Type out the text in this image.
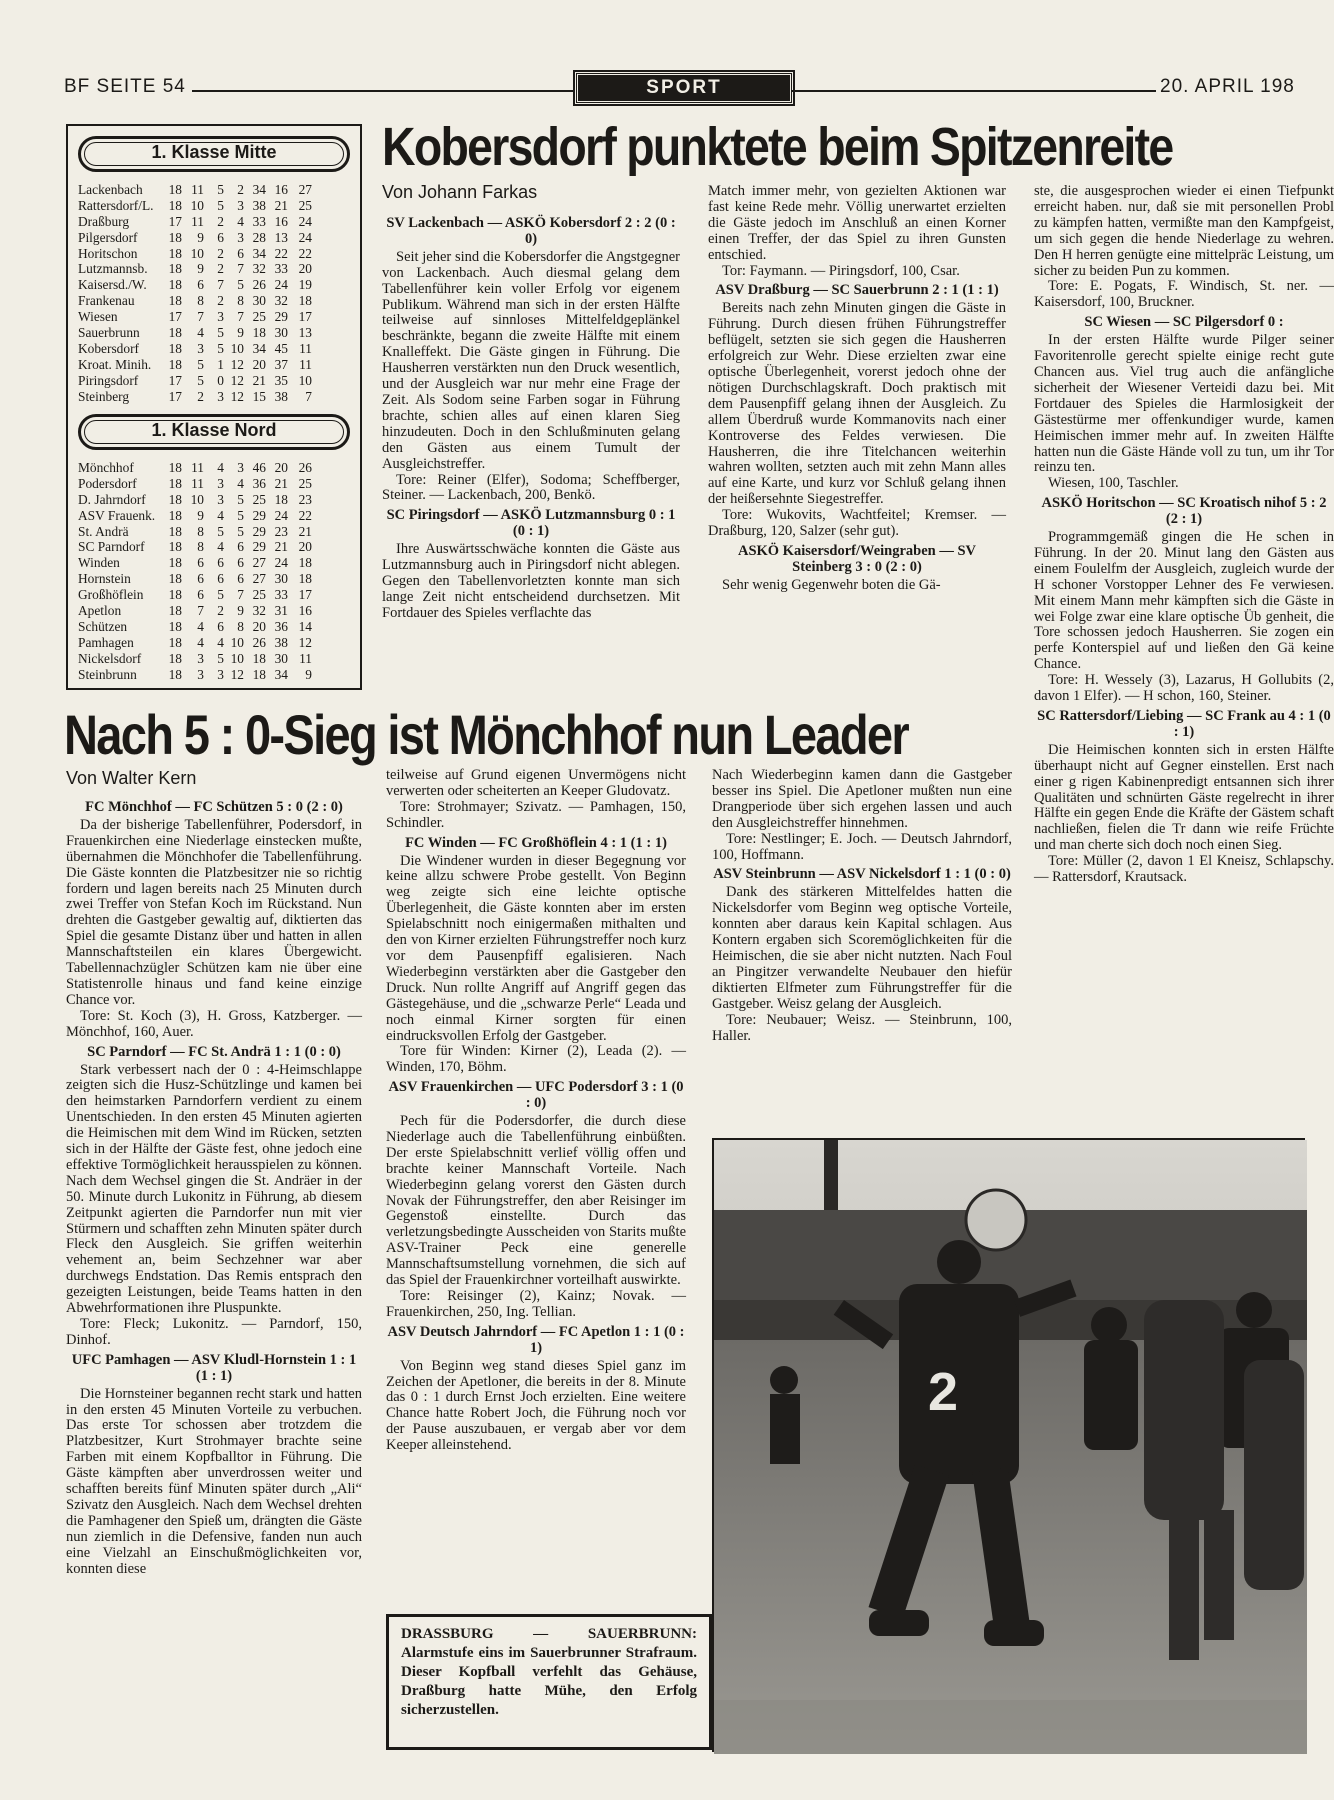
BF SEITE 54	SPORT	20. APRIL 198
1. Klasse Mitte
Lackenbach	18 11 5 2 34 16 27
Rattersdorf/L.	18 10 5 3 38 21 25
Draßburg	17 11 2 4 33 16 24
Pilgersdorf	18	9 6 3 28 13 24
Horitschon	18 10 2 6 34 22 22
Lutzmannsb.	18	9 2 7 32 33 20
Kaisersd./W.	18	6 7 5 26 24 19
Frankenau	18	8 2 8 30 32 18
Wiesen	17	7 3 7 25 29 17
Sauerbrunn	18	4 5 9 18 30 13
Kobersdorf	18	3 5 10 34 45 11
Kroat. Minih.	18	5 1 12 20 37 11
Piringsdorf	17	5 0 12 21 35 10
Steinberg	17	2 3 12 15 38	7
1. Klasse Nord
Mönchhof	18 11 4 3 46 20 26
Podersdorf	18 11 3 4 36 21 25
D. Jahrndorf	18 10 3 5 25 18 23
ASV Frauenk.	18	9 4 5 29 24 22
St. Andrä	18	8 5 5 29 23 21
SC Parndorf	18	8 4 6 29 21 20
Winden	18	6 6 6 27 24 18
Hornstein	18	6 6 6 27 30 18
Großhöflein	18	6 5 7 25 33 17
Apetlon	18	7 2 9 32 31 16
Schützen	18	4 6 8 20 36 14
Pamhagen	18	4 4 10 26 38 12
Nickelsdorf	18	3 5 10 18 30 11
Steinbrunn	18	3 3 12 18 34	9
Kobersdorf punktete beim Spitzenreite
Von Johann Farkas

SV Lackenbach — ASKÖ Kobersdorf 2 : 2 (0 : 0)

Seit jeher sind die Kobersdorfer die Angstgegner von Lackenbach. Auch diesmal gelang dem Tabellenführer kein voller Erfolg vor eigenem Publikum. Während man sich in der ersten Hälfte teilweise auf sinnloses Mittelfeldgeplänkel beschränkte, begann die zweite Hälfte mit einem Knalleffekt. Die Gäste gingen in Führung. Die Hausherren verstärkten nun den Druck wesentlich, und der Ausgleich war nur mehr eine Frage der Zeit. Als Sodom seine Farben sogar in Führung brachte, schien alles auf einen klaren Sieg hinzudeuten. Doch in den Schlußminuten gelang den Gästen aus einem Tumult der Ausgleichstreffer.

Tore: Reiner (Elfer), Sodoma; Scheffberger, Steiner. — Lackenbach, 200, Benkö.

SC Piringsdorf — ASKÖ Lutzmannsburg 0 : 1 (0 : 1)

Ihre Auswärtsschwäche konnten die Gäste aus Lutzmannsburg auch in Piringsdorf nicht ablegen. Gegen den Tabellenvorletzten konnte man sich lange Zeit nicht entscheidend durchsetzen. Mit Fortdauer des Spieles verflachte das

Match immer mehr, von gezielten Aktionen war fast keine Rede mehr. Völlig unerwartet erzielten die Gäste jedoch im Anschluß an einen Korner einen Treffer, der das Spiel zu ihren Gunsten entschied.

Tor: Faymann. — Piringsdorf, 100, Csar.

ASV Draßburg — SC Sauerbrunn 2 : 1 (1 : 1)

Bereits nach zehn Minuten gingen die Gäste in Führung. Durch diesen frühen Führungstreffer beflügelt, setzten sie sich gegen die Hausherren erfolgreich zur Wehr. Diese erzielten zwar eine optische Überlegenheit, vorerst jedoch ohne der nötigen Durchschlagskraft. Doch praktisch mit dem Pausenpfiff gelang ihnen der Ausgleich. Zu allem Überdruß wurde Kommanovits nach einer Kontroverse des Feldes verwiesen. Die Hausherren, die ihre Titelchancen weiterhin wahren wollten, setzten auch mit zehn Mann alles auf eine Karte, und kurz vor Schluß gelang ihnen der heißersehnte Siegestreffer.

Tore: Wukovits, Wachtfeitel; Kremser. — Draßburg, 120, Salzer (sehr gut).

ASKÖ Kaisersdorf/Weingraben — SV Steinberg 3 : 0 (2 : 0)

Sehr wenig Gegenwehr boten die Gä-

ste, die ausgesprochen wieder ei einen Tiefpunkt erreicht haben. nur, daß sie mit personellen Probl zu kämpfen hatten, vermißte man den Kampfgeist, um sich gegen die hende Niederlage zu wehren. Den H herren genügte eine mittelpräc Leistung, um sicher zu beiden Pun zu kommen.

Tore: E. Pogats, F. Windisch, St. ner. — Kaisersdorf, 100, Bruckner.

SC Wiesen — SC Pilgersdorf 0 :

In der ersten Hälfte wurde Pilger seiner Favoritenrolle gerecht spielte einige recht gute Chancen aus. Viel trug auch die anfängliche sicherheit der Wiesener Verteidi dazu bei. Mit Fortdauer des Spieles die Harmlosigkeit der Gästestürme mer offenkundiger wurde, kamen Heimischen immer mehr auf. In zweiten Hälfte hatten nun die Gäste Hände voll zu tun, um ihr Tor reinzu ten.

Wiesen, 100, Taschler.

ASKÖ Horitschon — SC Kroatisch nihof 5 : 2 (2 : 1)

Programmgemäß gingen die He schen in Führung. In der 20. Minut lang den Gästen aus einem Foulelfm der Ausgleich, zugleich wurde der H schoner Vorstopper Lehner des Fe verwiesen. Mit einem Mann mehr kämpften sich die Gäste in wei Folge zwar eine klare optische Üb genheit, die Tore schossen jedoch Hausherren. Sie zogen ein perfe Konterspiel auf und ließen den Gä keine Chance.

Tore: H. Wessely (3), Lazarus, H Gollubits (2, davon 1 Elfer). — H schon, 160, Steiner.

SC Rattersdorf/Liebing — SC Frank au 4 : 1 (0 : 1)

Die Heimischen konnten sich in ersten Hälfte überhaupt nicht auf Gegner einstellen. Erst nach einer g rigen Kabinenpredigt entsannen sich ihrer Qualitäten und schnürten Gäste regelrecht in ihrer Hälfte ein gegen Ende die Kräfte der Gästem schaft nachließen, fielen die Tr dann wie reife Früchte und man cherte sich doch noch einen Sieg.

Tore: Müller (2, davon 1 El Kneisz, Schlapschy. — Rattersdorf, Krautsack.

Nach 5 : 0-Sieg ist Mönchhof nun Leader
Von Walter Kern

FC Mönchhof — FC Schützen 5 : 0 (2 : 0)

Da der bisherige Tabellenführer, Podersdorf, in Frauenkirchen eine Niederlage einstecken mußte, übernahmen die Mönchhofer die Tabellenführung. Die Gäste konnten die Platzbesitzer nie so richtig fordern und lagen bereits nach 25 Minuten durch zwei Treffer von Stefan Koch im Rückstand. Nun drehten die Gastgeber gewaltig auf, diktierten das Spiel die gesamte Distanz über und hatten in allen Mannschaftsteilen ein klares Übergewicht. Tabellennachzügler Schützen kam nie über eine Statistenrolle hinaus und fand keine einzige Chance vor.

Tore: St. Koch (3), H. Gross, Katzberger. — Mönchhof, 160, Auer.

SC Parndorf — FC St. Andrä 1 : 1 (0 : 0)

Stark verbessert nach der 0 : 4-Heimschlappe zeigten sich die Husz-Schützlinge und kamen bei den heimstarken Parndorfern verdient zu einem Unentschieden. In den ersten 45 Minuten agierten die Heimischen mit dem Wind im Rücken, setzten sich in der Hälfte der Gäste fest, ohne jedoch eine effektive Tormöglichkeit herausspielen zu können. Nach dem Wechsel gingen die St. Andräer in der 50. Minute durch Lukonitz in Führung, ab diesem Zeitpunkt agierten die Parndorfer nun mit vier Stürmern und schafften zehn Minuten später durch Fleck den Ausgleich. Sie griffen weiterhin vehement an, beim Sechzehner war aber durchwegs Endstation. Das Remis entsprach den gezeigten Leistungen, beide Teams hatten in den Abwehrformationen ihre Pluspunkte.

Tore: Fleck; Lukonitz. — Parndorf, 150, Dinhof.

UFC Pamhagen — ASV Kludl-Hornstein 1 : 1 (1 : 1)

Die Hornsteiner begannen recht stark und hatten in den ersten 45 Minuten Vorteile zu verbuchen. Das erste Tor schossen aber trotzdem die Platzbesitzer, Kurt Strohmayer brachte seine Farben mit einem Kopfballtor in Führung. Die Gäste kämpften aber unverdrossen weiter und schafften bereits fünf Minuten später durch „Ali“ Szivatz den Ausgleich. Nach dem Wechsel drehten die Pamhagener den Spieß um, drängten die Gäste nun ziemlich in die Defensive, fanden nun auch eine Vielzahl an Einschußmöglichkeiten vor, konnten diese

teilweise auf Grund eigenen Unvermögens nicht verwerten oder scheiterten an Keeper Gludovatz.

Tore: Strohmayer; Szivatz. — Pamhagen, 150, Schindler.

FC Winden — FC Großhöflein 4 : 1 (1 : 1)

Die Windener wurden in dieser Begegnung vor keine allzu schwere Probe gestellt. Von Beginn weg zeigte sich eine leichte optische Überlegenheit, die Gäste konnten aber im ersten Spielabschnitt noch einigermaßen mithalten und den von Kirner erzielten Führungstreffer noch kurz vor dem Pausenpfiff egalisieren. Nach Wiederbeginn verstärkten aber die Gastgeber den Druck. Nun rollte Angriff auf Angriff gegen das Gästegehäuse, und die „schwarze Perle“ Leada und noch einmal Kirner sorgten für einen eindrucksvollen Erfolg der Gastgeber.

Tore für Winden: Kirner (2), Leada (2). — Winden, 170, Böhm.

ASV Frauenkirchen — UFC Podersdorf 3 : 1 (0 : 0)

Pech für die Podersdorfer, die durch diese Niederlage auch die Tabellenführung einbüßten. Der erste Spielabschnitt verlief völlig offen und brachte keiner Mannschaft Vorteile. Nach Wiederbeginn gelang vorerst den Gästen durch Novak der Führungstreffer, den aber Reisinger im Gegenstoß einstellte. Durch das verletzungsbedingte Ausscheiden von Starits mußte ASV-Trainer Peck eine generelle Mannschaftsumstellung vornehmen, die sich auf das Spiel der Frauenkirchner vorteilhaft auswirkte.

Tore: Reisinger (2), Kainz; Novak. — Frauenkirchen, 250, Ing. Tellian.

ASV Deutsch Jahrndorf — FC Apetlon 1 : 1 (0 : 1)

Von Beginn weg stand dieses Spiel ganz im Zeichen der Apetloner, die bereits in der 8. Minute das 0 : 1 durch Ernst Joch erzielten. Eine weitere Chance hatte Robert Joch, die Führung noch vor der Pause auszubauen, er vergab aber vor dem Keeper alleinstehend.

Nach Wiederbeginn kamen dann die Gastgeber besser ins Spiel. Die Apetloner mußten nun eine Drangperiode über sich ergehen lassen und auch den Ausgleichstreffer hinnehmen.

Tore: Nestlinger; E. Joch. — Deutsch Jahrndorf, 100, Hoffmann.

ASV Steinbrunn — ASV Nickelsdorf 1 : 1 (0 : 0)

Dank des stärkeren Mittelfeldes hatten die Nickelsdorfer vom Beginn weg optische Vorteile, konnten aber daraus kein Kapital schlagen. Aus Kontern ergaben sich Scoremöglichkeiten für die Heimischen, die sie aber nicht nutzten. Nach Foul an Pingitzer verwandelte Neubauer den hiefür diktierten Elfmeter zum Führungstreffer für die Gastgeber. Weisz gelang der Ausgleich.

Tore: Neubauer; Weisz. — Steinbrunn, 100, Haller.

2
DRASSBURG — SAUERBRUNN: Alarmstufe eins im Sauerbrunner Strafraum. Dieser Kopfball verfehlt das Gehäuse, Draßburg hatte Mühe, den Erfolg sicherzustellen.
